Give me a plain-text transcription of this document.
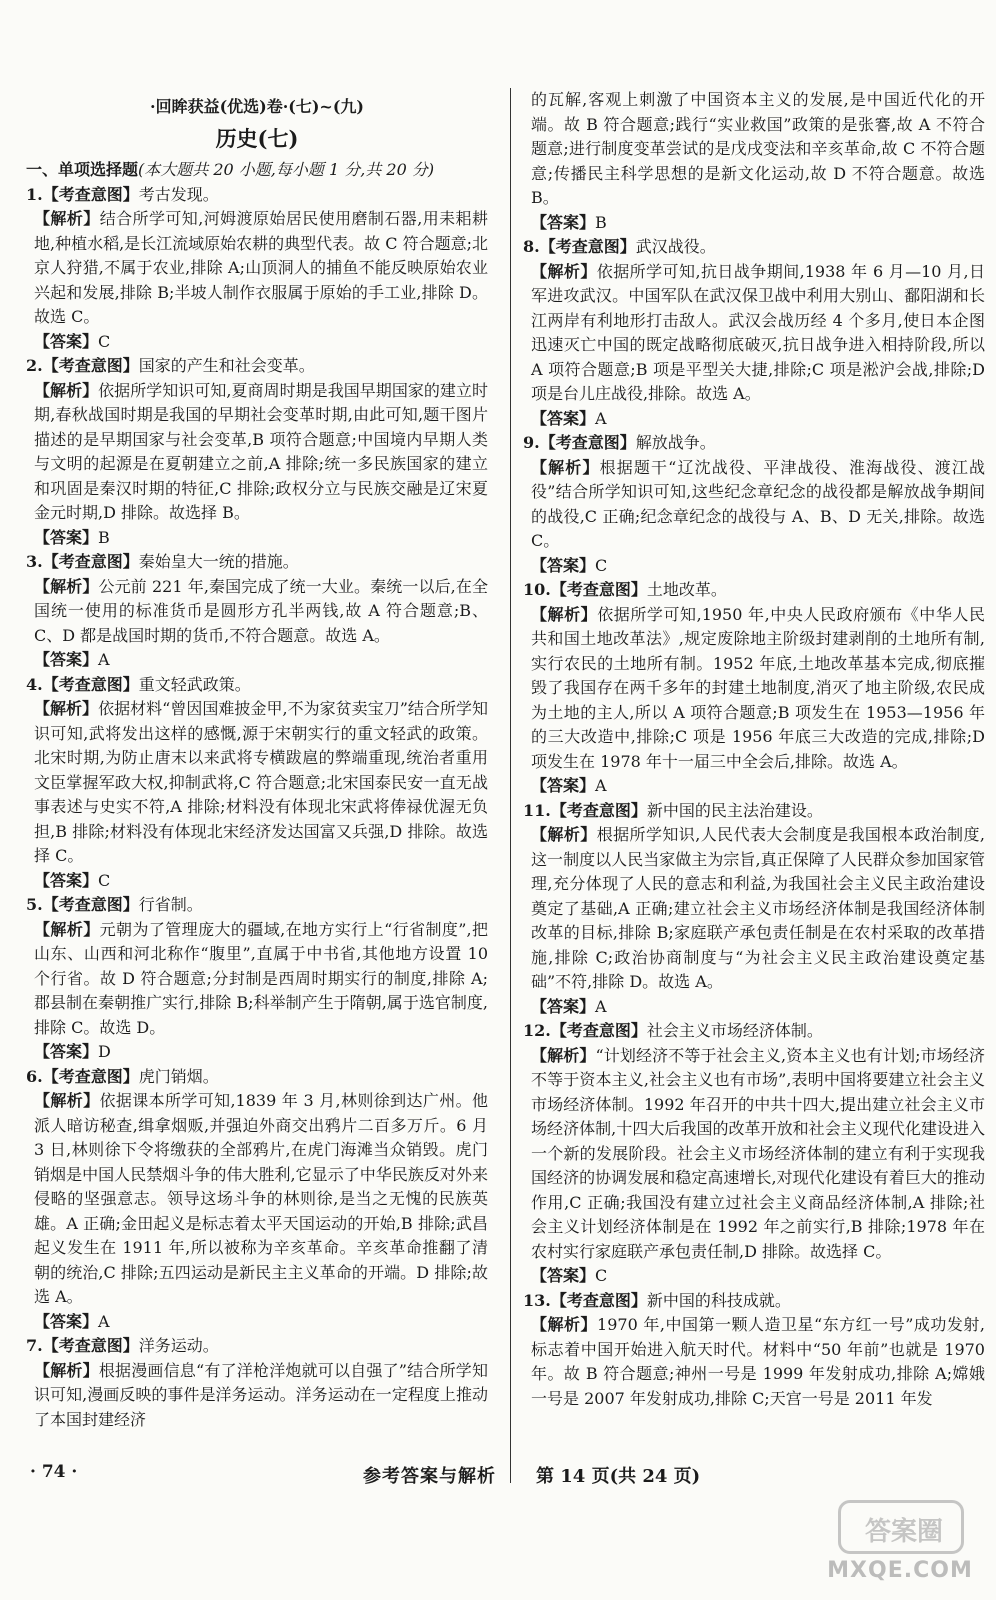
·回眸获益(优选)卷·(七)~(九)
历史(七)

一、单项选择题(本大题共 20 小题,每小题 1 分,共 20 分)

1.【考查意图】考古发现。

【解析】结合所学可知,河姆渡原始居民使用磨制石器,用耒耜耕地,种植水稻,是长江流域原始农耕的典型代表。故 C 符合题意;北京人狩猎,不属于农业,排除 A;山顶洞人的捕鱼不能反映原始农业兴起和发展,排除 B;半坡人制作衣服属于原始的手工业,排除 D。故选 C。

【答案】C

2.【考查意图】国家的产生和社会变革。

【解析】依据所学知识可知,夏商周时期是我国早期国家的建立时期,春秋战国时期是我国的早期社会变革时期,由此可知,题干图片描述的是早期国家与社会变革,B 项符合题意;中国境内早期人类与文明的起源是在夏朝建立之前,A 排除;统一多民族国家的建立和巩固是秦汉时期的特征,C 排除;政权分立与民族交融是辽宋夏金元时期,D 排除。故选择 B。

【答案】B

3.【考查意图】秦始皇大一统的措施。

【解析】公元前 221 年,秦国完成了统一大业。秦统一以后,在全国统一使用的标准货币是圆形方孔半两钱,故 A 符合题意;B、C、D 都是战国时期的货币,不符合题意。故选 A。

【答案】A

4.【考查意图】重文轻武政策。

【解析】依据材料“曾因国难披金甲,不为家贫卖宝刀”结合所学知识可知,武将发出这样的感慨,源于宋朝实行的重文轻武的政策。北宋时期,为防止唐末以来武将专横跋扈的弊端重现,统治者重用文臣掌握军政大权,抑制武将,C 符合题意;北宋国泰民安一直无战事表述与史实不符,A 排除;材料没有体现北宋武将俸禄优渥无负担,B 排除;材料没有体现北宋经济发达国富又兵强,D 排除。故选择 C。

【答案】C

5.【考查意图】行省制。

【解析】元朝为了管理庞大的疆域,在地方实行上“行省制度”,把山东、山西和河北称作“腹里”,直属于中书省,其他地方设置 10 个行省。故 D 符合题意;分封制是西周时期实行的制度,排除 A;郡县制在秦朝推广实行,排除 B;科举制产生于隋朝,属于选官制度,排除 C。故选 D。

【答案】D

6.【考查意图】虎门销烟。

【解析】依据课本所学可知,1839 年 3 月,林则徐到达广州。他派人暗访秘查,缉拿烟贩,并强迫外商交出鸦片二百多万斤。6 月 3 日,林则徐下令将缴获的全部鸦片,在虎门海滩当众销毁。虎门销烟是中国人民禁烟斗争的伟大胜利,它显示了中华民族反对外来侵略的坚强意志。领导这场斗争的林则徐,是当之无愧的民族英雄。A 正确;金田起义是标志着太平天国运动的开始,B 排除;武昌起义发生在 1911 年,所以被称为辛亥革命。辛亥革命推翻了清朝的统治,C 排除;五四运动是新民主主义革命的开端。D 排除;故选 A。

【答案】A

7.【考查意图】洋务运动。

【解析】根据漫画信息“有了洋枪洋炮就可以自强了”结合所学知识可知,漫画反映的事件是洋务运动。洋务运动在一定程度上推动了本国封建经济

的瓦解,客观上刺激了中国资本主义的发展,是中国近代化的开端。故 B 符合题意;践行“实业救国”政策的是张謇,故 A 不符合题意;进行制度变革尝试的是戊戌变法和辛亥革命,故 C 不符合题意;传播民主科学思想的是新文化运动,故 D 不符合题意。故选 B。

【答案】B

8.【考查意图】武汉战役。

【解析】依据所学可知,抗日战争期间,1938 年 6 月—10 月,日军进攻武汉。中国军队在武汉保卫战中利用大别山、鄱阳湖和长江两岸有利地形打击敌人。武汉会战历经 4 个多月,使日本企图迅速灭亡中国的既定战略彻底破灭,抗日战争进入相持阶段,所以 A 项符合题意;B 项是平型关大捷,排除;C 项是淞沪会战,排除;D 项是台儿庄战役,排除。故选 A。

【答案】A

9.【考查意图】解放战争。

【解析】根据题干“辽沈战役、平津战役、淮海战役、渡江战役”结合所学知识可知,这些纪念章纪念的战役都是解放战争期间的战役,C 正确;纪念章纪念的战役与 A、B、D 无关,排除。故选 C。

【答案】C

10.【考查意图】土地改革。

【解析】依据所学可知,1950 年,中央人民政府颁布《中华人民共和国土地改革法》,规定废除地主阶级封建剥削的土地所有制,实行农民的土地所有制。1952 年底,土地改革基本完成,彻底摧毁了我国存在两千多年的封建土地制度,消灭了地主阶级,农民成为土地的主人,所以 A 项符合题意;B 项发生在 1953—1956 年的三大改造中,排除;C 项是 1956 年底三大改造的完成,排除;D 项发生在 1978 年十一届三中全会后,排除。故选 A。

【答案】A

11.【考查意图】新中国的民主法治建设。

【解析】根据所学知识,人民代表大会制度是我国根本政治制度,这一制度以人民当家做主为宗旨,真正保障了人民群众参加国家管理,充分体现了人民的意志和利益,为我国社会主义民主政治建设奠定了基础,A 正确;建立社会主义市场经济体制是我国经济体制改革的目标,排除 B;家庭联产承包责任制是在农村采取的改革措施,排除 C;政治协商制度与“为社会主义民主政治建设奠定基础”不符,排除 D。故选 A。

【答案】A

12.【考查意图】社会主义市场经济体制。

【解析】“计划经济不等于社会主义,资本主义也有计划;市场经济不等于资本主义,社会主义也有市场”,表明中国将要建立社会主义市场经济体制。1992 年召开的中共十四大,提出建立社会主义市场经济体制,十四大后我国的改革开放和社会主义现代化建设进入一个新的发展阶段。社会主义市场经济体制的建立有利于实现我国经济的协调发展和稳定高速增长,对现代化建设有着巨大的推动作用,C 正确;我国没有建立过社会主义商品经济体制,A 排除;社会主义计划经济体制是在 1992 年之前实行,B 排除;1978 年在农村实行家庭联产承包责任制,D 排除。故选择 C。

【答案】C

13.【考查意图】新中国的科技成就。

【解析】1970 年,中国第一颗人造卫星“东方红一号”成功发射,标志着中国开始进入航天时代。材料中“50 年前”也就是 1970 年。故 B 符合题意;神州一号是 1999 年发射成功,排除 A;嫦娥一号是 2007 年发射成功,排除 C;天宫一号是 2011 年发

· 74 ·	参考答案与解析 第 14 页(共 24 页)
答案圈
MXQE.COM
